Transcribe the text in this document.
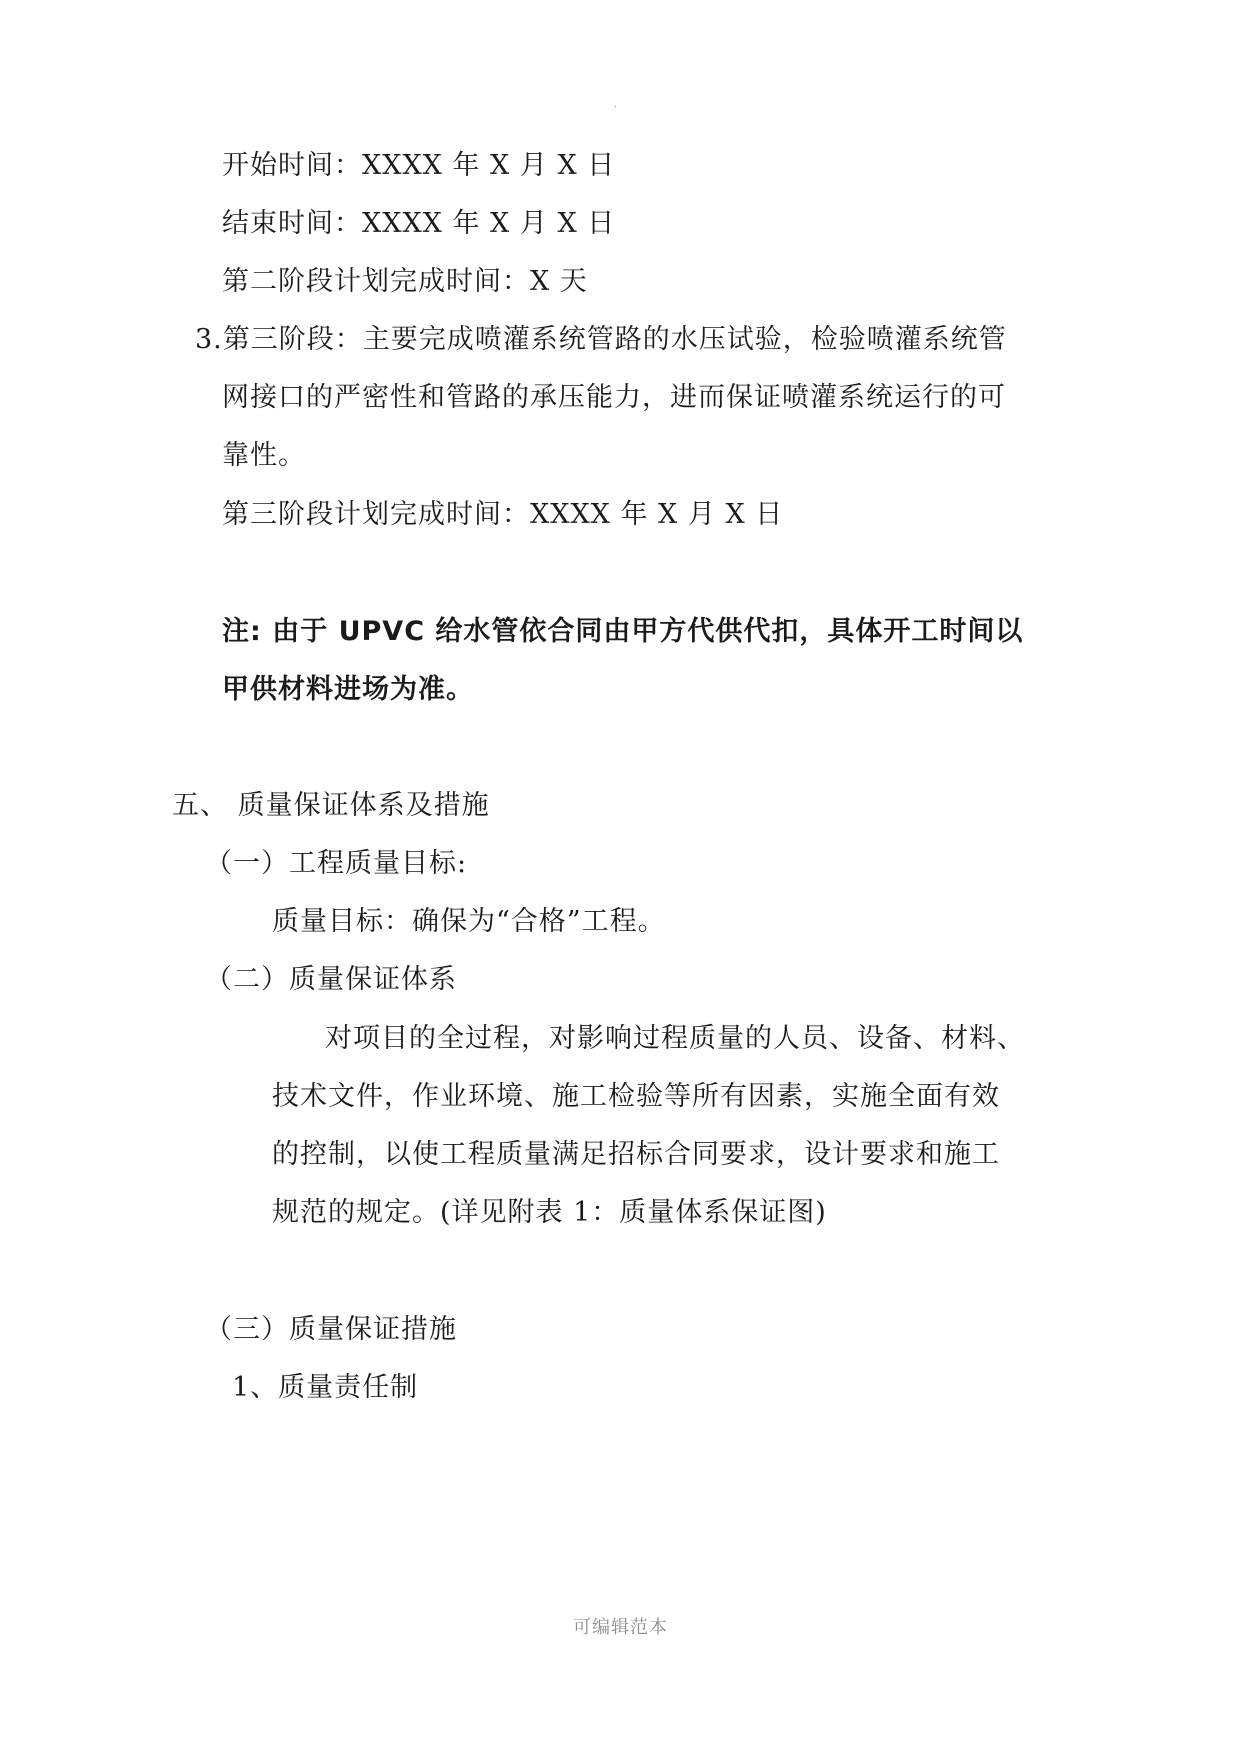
.
开始时间：XXXX 年 X 月 X 日
结束时间：XXXX 年 X 月 X 日
第二阶段计划完成时间：X 天
3.第三阶段：主要完成喷灌系统管路的水压试验，检验喷灌系统管
网接口的严密性和管路的承压能力，进而保证喷灌系统运行的可
靠性。
第三阶段计划完成时间：XXXX 年 X 月 X 日
注: 由于 UPVC 给水管依合同由甲方代供代扣，具体开工时间以
甲供材料进场为准。
五、 质量保证体系及措施
（一）工程质量目标:
质量目标：确保为“合格”工程。
（二）质量保证体系
对项目的全过程，对影响过程质量的人员、设备、材料、
技术文件，作业环境、施工检验等所有因素，实施全面有效
的控制，以使工程质量满足招标合同要求，设计要求和施工
规范的规定。(详见附表 1：质量体系保证图)
（三）质量保证措施
1、质量责任制
可编辑范本
